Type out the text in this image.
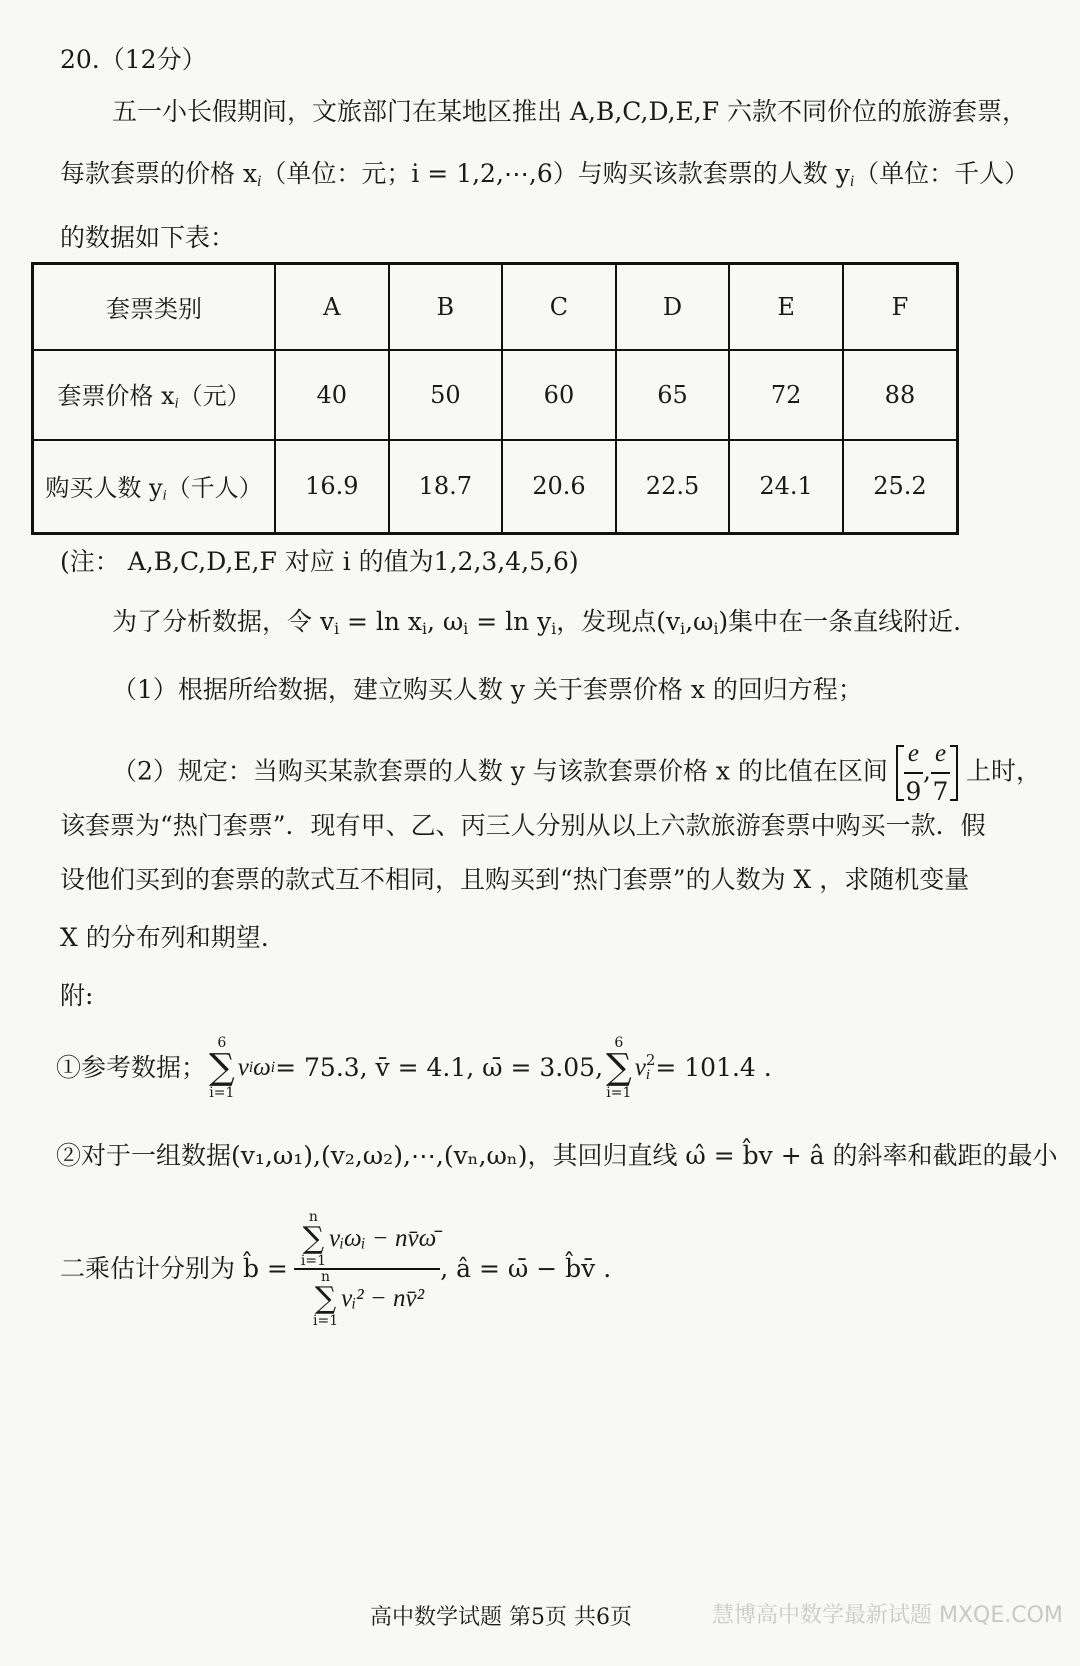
20.（12分）
五一小长假期间，文旅部门在某地区推出 A,B,C,D,E,F 六款不同价位的旅游套票，
每款套票的价格 $x_i$（单位：元；i = 1,2,⋯,6）与购买该款套票的人数 $y_i$（单位：千人）
的数据如下表：
套票类别	A	B	C	D	E	F
套票价格 $x_i$（元）	40	50	60	65	72	88
购买人数 $y_i$（千人）	16.9	18.7	20.6	22.5	24.1	25.2
(注： A,B,C,D,E,F 对应 i 的值为1,2,3,4,5,6)
为了分析数据，令 $v_i = \ln x_i$, $\omega_i = \ln y_i$，发现点$(v_i,\omega_i)$集中在一条直线附近.
（1）根据所给数据，建立购买人数 y 关于套票价格 x 的回归方程；
（2）规定：当购买某款套票的人数 y 与该款套票价格 x 的比值在区间 $\frac{e}{9}$ , $\frac{e}{7}$ 上时，
该套票为“热门套票”．现有甲、乙、丙三人分别从以上六款旅游套票中购买一款．假
设他们买到的套票的款式互不相同，且购买到“热门套票”的人数为 X ，求随机变量
X 的分布列和期望.
附:
①参考数据；
6
∑
i=1
v i ω i = 75.3, v̄ = 4.1, ω̄ = 3.05,
6
∑
i=1
v 2
i = 101.4 .
②对于一组数据(v₁,ω₁),(v₂,ω₂),⋯,(vₙ,ωₙ)，其回归直线 ω̂ = b̂v + â 的斜率和截距的最小
二乘估计分别为 b̂ = n
∑
i=1
vᵢωᵢ − nv̄ω̄
n
∑
i=1
vᵢ² − nv̄² , â = ω̄ − b̂v̄ .
高中数学试题 第5页 共6页	慧博高中数学最新试题 MXQE.COM
